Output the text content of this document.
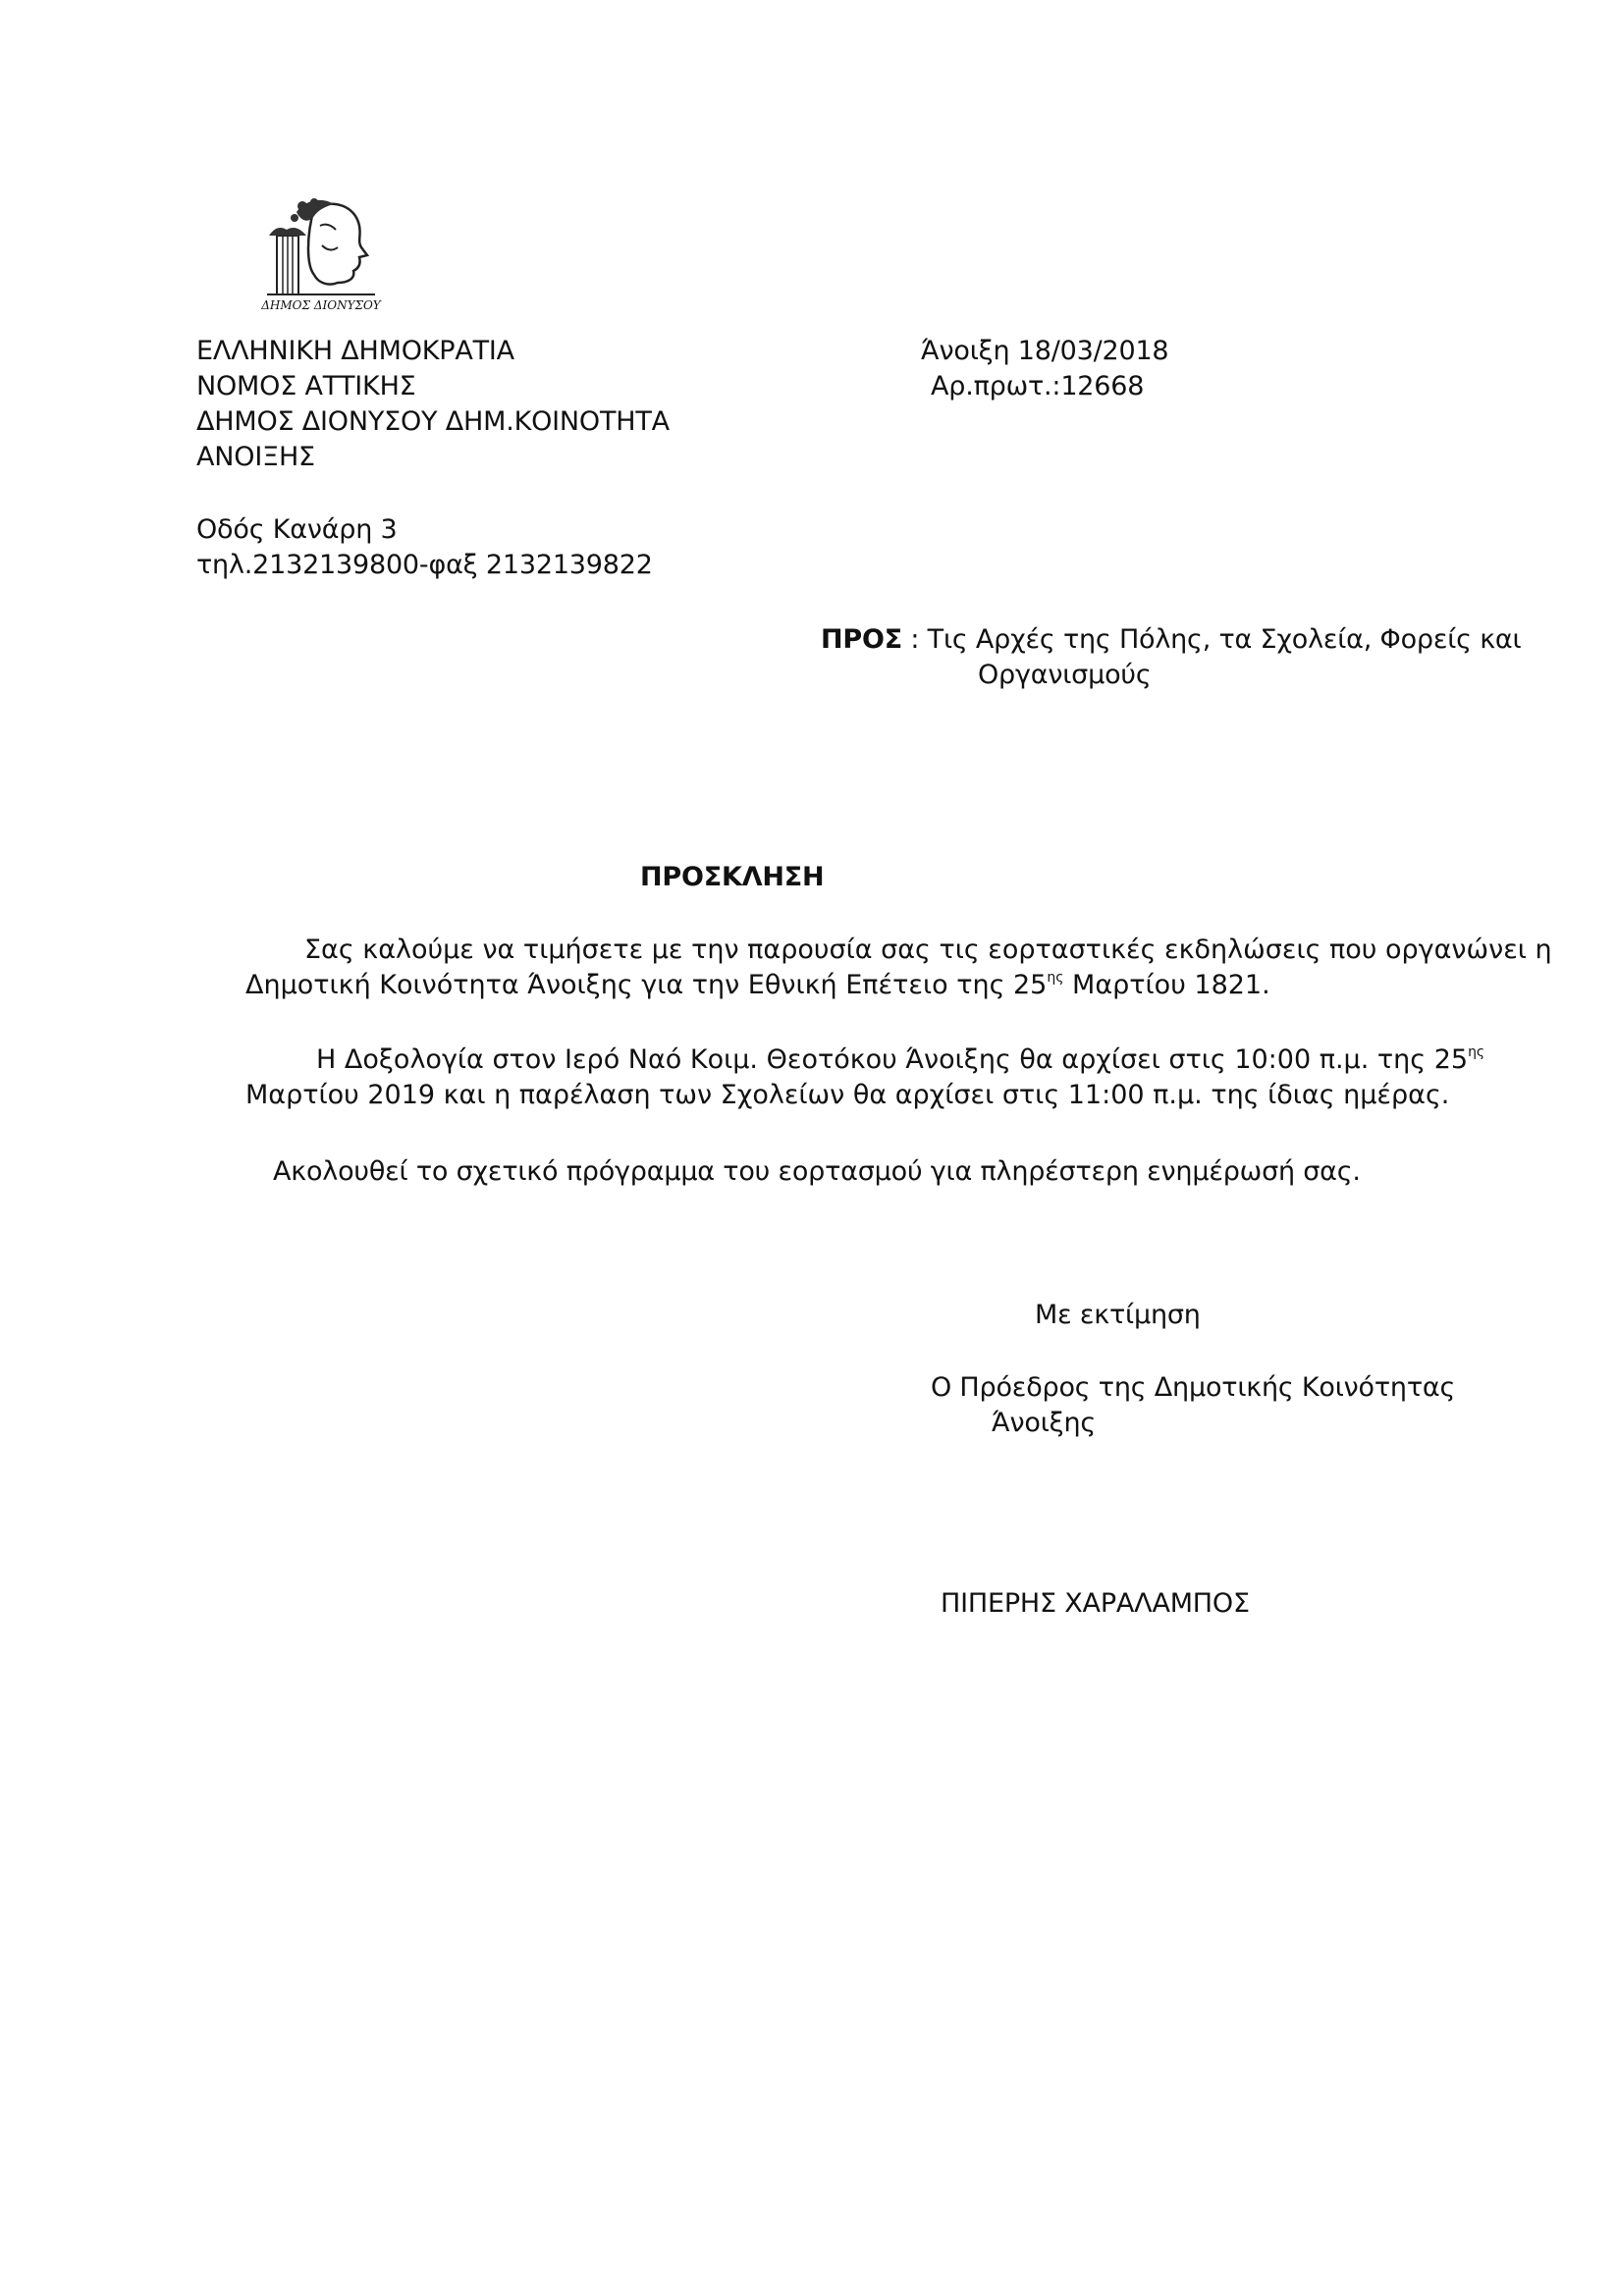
ΔΗΜΟΣ ΔΙΟΝΥΣΟΥ
ΕΛΛΗΝΙΚΗ ΔΗΜΟΚΡΑΤΙΑ
ΝΟΜΟΣ ΑΤΤΙΚΗΣ
ΔΗΜΟΣ ΔΙΟΝΥΣΟΥ ΔΗΜ.ΚΟΙΝΟΤΗΤΑ
ΑΝΟΙΞΗΣ
Οδός Κανάρη 3
τηλ.2132139800-φαξ 2132139822
Άνοιξη 18/03/2018
Αρ.πρωτ.:12668
ΠΡΟΣ : Τις Αρχές της Πόλης, τα Σχολεία, Φορείς και
Οργανισμούς
ΠΡΟΣΚΛΗΣΗ
Σας καλούμε να τιμήσετε με την παρουσία σας τις εορταστικές εκδηλώσεις που οργανώνει η
Δημοτική Κοινότητα Άνοιξης για την Εθνική Επέτειο της $25^{\eta\varsigma}$ Μαρτίου 1821.
Η Δοξολογία στον Ιερό Ναό Κοιμ. Θεοτόκου Άνοιξης θα αρχίσει στις 10:00 π.μ. της $25^{\eta\varsigma}$
Μαρτίου 2019 και η παρέλαση των Σχολείων θα αρχίσει στις 11:00 π.μ. της ίδιας ημέρας.
Ακολουθεί το σχετικό πρόγραμμα του εορτασμού για πληρέστερη ενημέρωσή σας.
Με εκτίμηση
Ο Πρόεδρος της Δημοτικής Κοινότητας
Άνοιξης
ΠΙΠΕΡΗΣ ΧΑΡΑΛΑΜΠΟΣ
